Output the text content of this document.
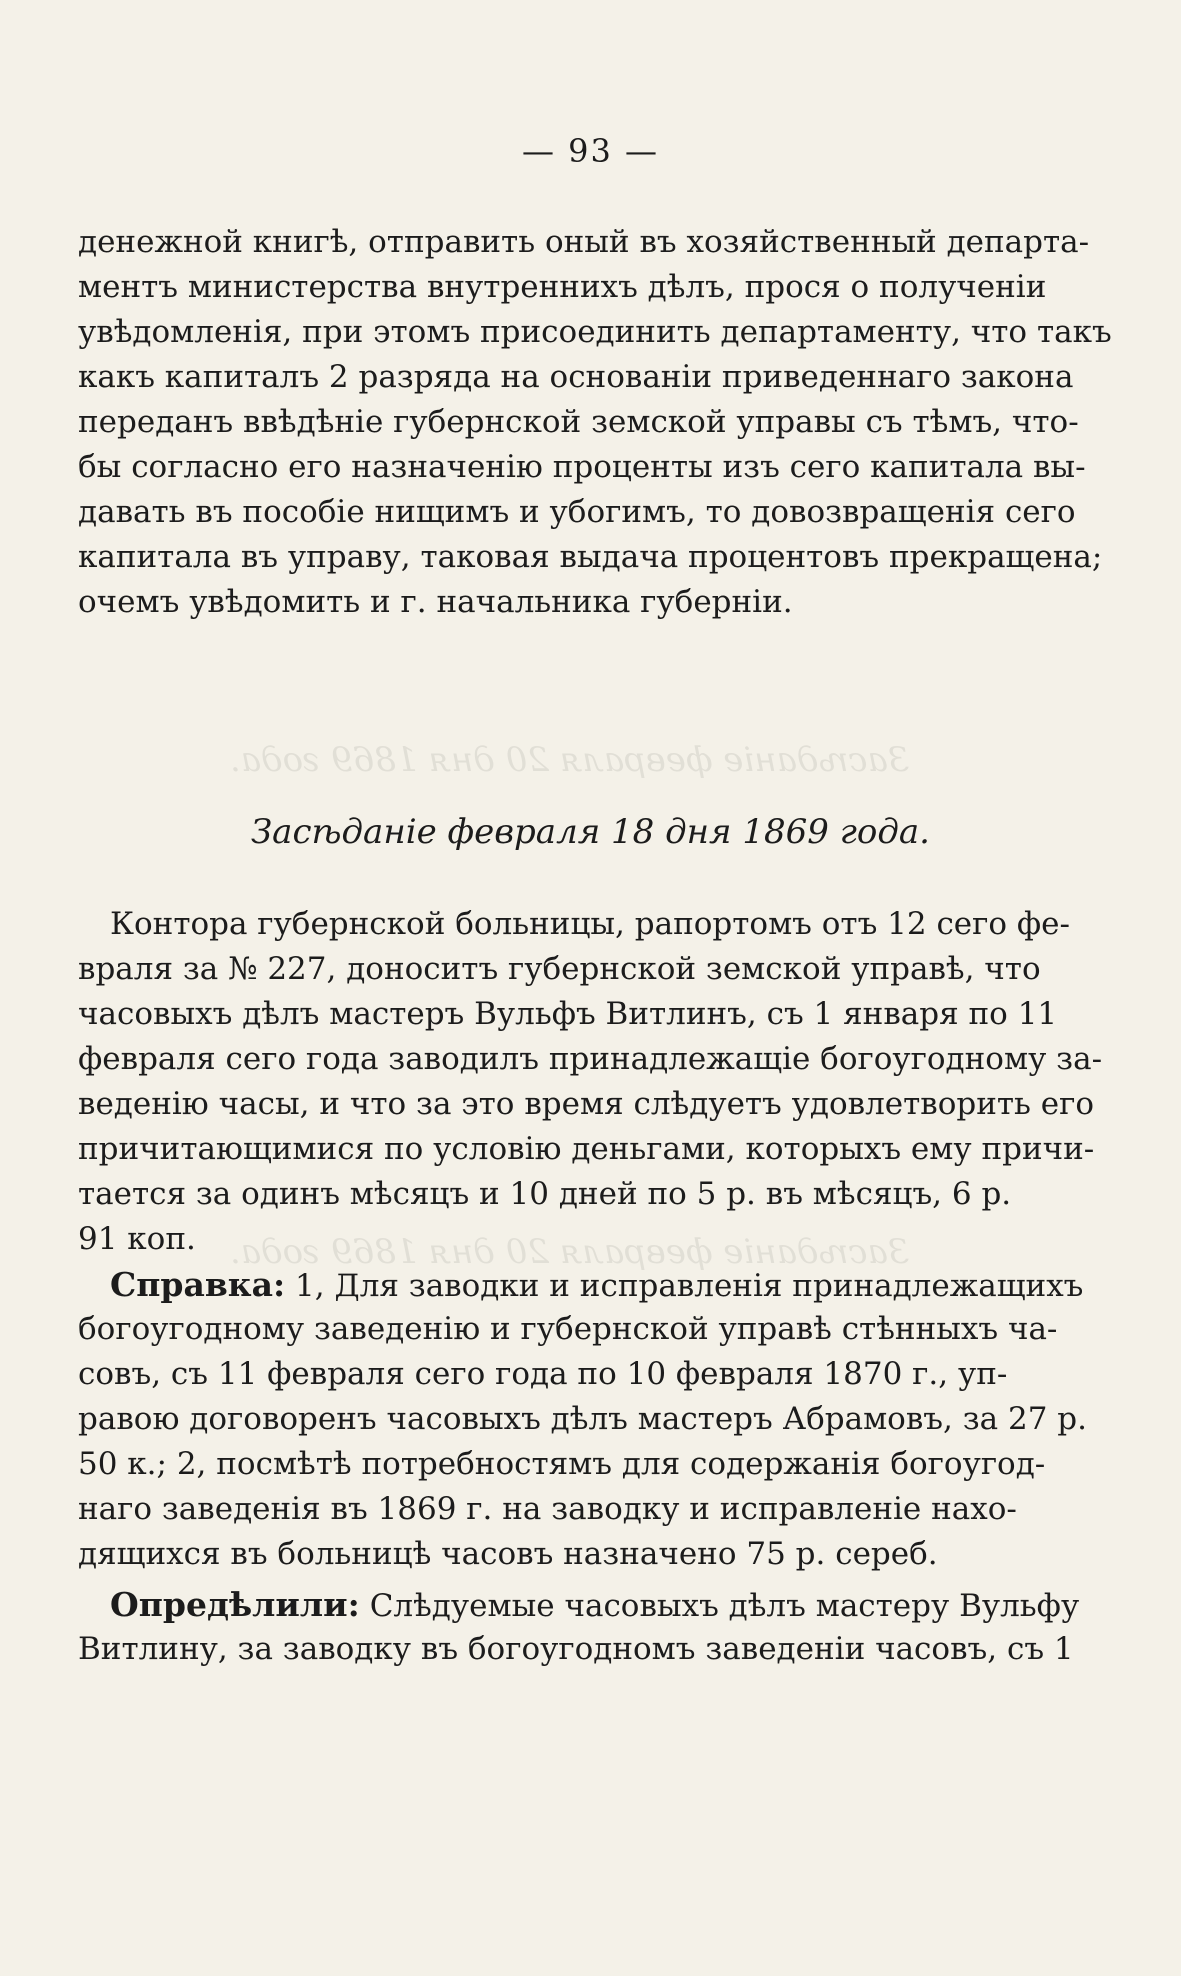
Засѣданіе февраля 20 дня 1869 года.
Засѣданіе февраля 20 дня 1869 года.
— 93 —
денежной книгѣ, отправить оный въ хозяйственный департа-
ментъ министерства внутреннихъ дѣлъ, прося о полученіи
увѣдомленія, при этомъ присоединить департаменту, что такъ
какъ капиталъ 2 разряда на основаніи приведеннаго закона
переданъ ввѣдѣніе губернской земской управы съ тѣмъ, что-
бы согласно его назначенію проценты изъ сего капитала вы-
давать въ пособіе нищимъ и убогимъ, то довозвращенія сего
капитала въ управу, таковая выдача процентовъ прекращена;
очемъ увѣдомить и г. начальника губерніи.
Засѣданіе февраля 18 дня 1869 года.
Контора губернской больницы, рапортомъ отъ 12 сего фе-
враля за № 227, доноситъ губернской земской управѣ, что
часовыхъ дѣлъ мастеръ Вульфъ Витлинъ, съ 1 января по 11
февраля сего года заводилъ принадлежащіе богоугодному за-
веденію часы, и что за это время слѣдуетъ удовлетворить его
причитающимися по условію деньгами, которыхъ ему причи-
тается за одинъ мѣсяцъ и 10 дней по 5 р. въ мѣсяцъ, 6 р.
91 коп.
Справка: 1, Для заводки и исправленія принадлежащихъ
богоугодному заведенію и губернской управѣ стѣнныхъ ча-
совъ, съ 11 февраля сего года по 10 февраля 1870 г., уп-
равою договоренъ часовыхъ дѣлъ мастеръ Абрамовъ, за 27 р.
50 к.; 2, посмѣтѣ потребностямъ для содержанія богоугод-
наго заведенія въ 1869 г. на заводку и исправленіе нахо-
дящихся въ больницѣ часовъ назначено 75 р. сереб.
Опредѣлили: Слѣдуемые часовыхъ дѣлъ мастеру Вульфу
Витлину, за заводку въ богоугодномъ заведеніи часовъ, съ 1
